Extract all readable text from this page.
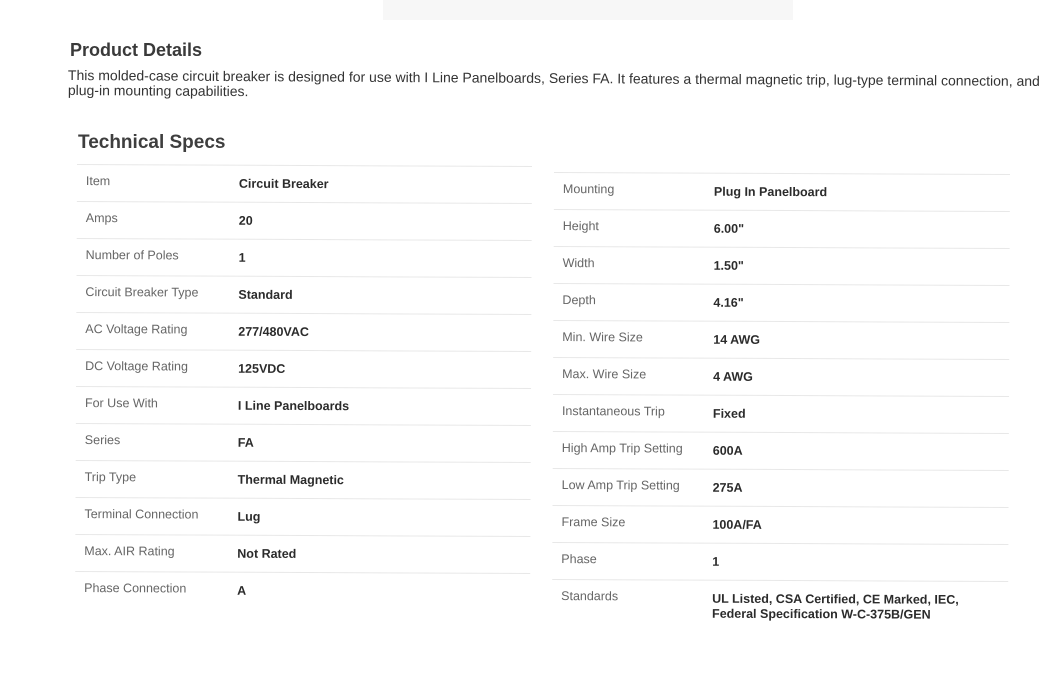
Product Details
This molded-case circuit breaker is designed for use with I Line Panelboards, Series FA. It features a thermal magnetic trip, lug-type terminal connection, and plug-in mounting capabilities.
Technical Specs
Item	Circuit Breaker
Amps	20
Number of Poles	1
Circuit Breaker Type	Standard
AC Voltage Rating	277/480VAC
DC Voltage Rating	125VDC
For Use With	I Line Panelboards
Series	FA
Trip Type	Thermal Magnetic
Terminal Connection	Lug
Max. AIR Rating	Not Rated
Phase Connection	A
Mounting	Plug In Panelboard
Height	6.00"
Width	1.50"
Depth	4.16"
Min. Wire Size	14 AWG
Max. Wire Size	4 AWG
Instantaneous Trip	Fixed
High Amp Trip Setting 600A
Low Amp Trip Setting	275A
Frame Size	100A/FA
Phase	1
Standards	UL Listed, CSA Certified, CE Marked, IEC, Federal Specification W-C-375B/GEN
